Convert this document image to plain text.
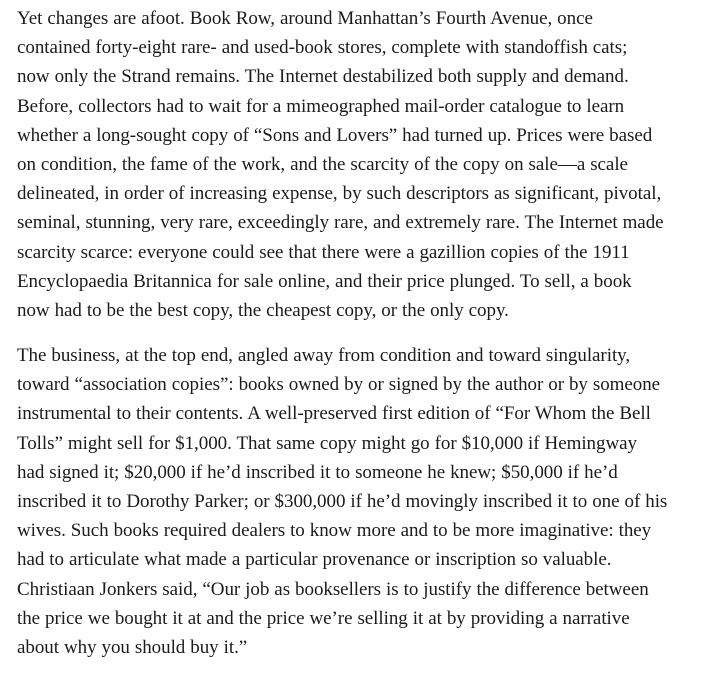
Yet changes are afoot. Book Row, around Manhattan’s Fourth Avenue, once
contained forty-eight rare- and used-book stores, complete with standoffish cats;
now only the Strand remains. The Internet destabilized both supply and demand.
Before, collectors had to wait for a mimeographed mail-order catalogue to learn
whether a long-sought copy of “Sons and Lovers” had turned up. Prices were based
on condition, the fame of the work, and the scarcity of the copy on sale—a scale
delineated, in order of increasing expense, by such descriptors as significant, pivotal,
seminal, stunning, very rare, exceedingly rare, and extremely rare. The Internet made
scarcity scarce: everyone could see that there were a gazillion copies of the 1911
Encyclopaedia Britannica for sale online, and their price plunged. To sell, a book
now had to be the best copy, the cheapest copy, or the only copy.

The business, at the top end, angled away from condition and toward singularity,
toward “association copies”: books owned by or signed by the author or by someone
instrumental to their contents. A well-preserved first edition of “For Whom the Bell
Tolls” might sell for $1,000. That same copy might go for $10,000 if Hemingway
had signed it; $20,000 if he’d inscribed it to someone he knew; $50,000 if he’d
inscribed it to Dorothy Parker; or $300,000 if he’d movingly inscribed it to one of his
wives. Such books required dealers to know more and to be more imaginative: they
had to articulate what made a particular provenance or inscription so valuable.
Christiaan Jonkers said, “Our job as booksellers is to justify the difference between
the price we bought it at and the price we’re selling it at by providing a narrative
about why you should buy it.”
